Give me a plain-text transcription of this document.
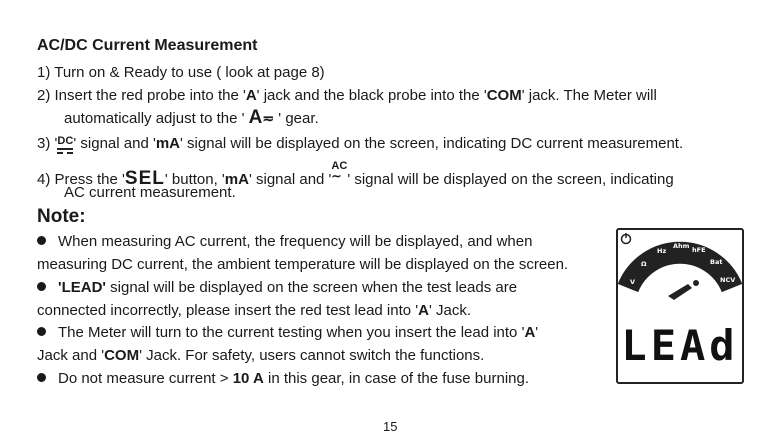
AC/DC Current Measurement
1) Turn on & Ready to use ( look at page 8)
2) Insert the red probe into the 'A' jack and the black probe into the 'COM' jack. The Meter will
automatically adjust to the ' A≂ ' gear.
3) ' DC ' signal and 'mA' signal will be displayed on the screen, indicating DC current measurement.
4) Press the 'SEL' button, 'mA' signal and '
AC
∼ ' signal will be displayed on the screen, indicating
AC current measurement.
Note:
When measuring AC current, the frequency will be displayed, and when
measuring DC current, the ambient temperature will be displayed on the screen.
'LEAD' signal will be displayed on the screen when the test leads are
connected incorrectly, please insert the red test lead into 'A' Jack.
The Meter will turn to the current testing when you insert the lead into 'A'
Jack and 'COM' Jack. For safety, users cannot switch the functions.
Do not measure current > 10 A in this gear, in case of the fuse burning.
V
Ω
Hz
Ahm hFE
Bat
NCV
LEAd
15
